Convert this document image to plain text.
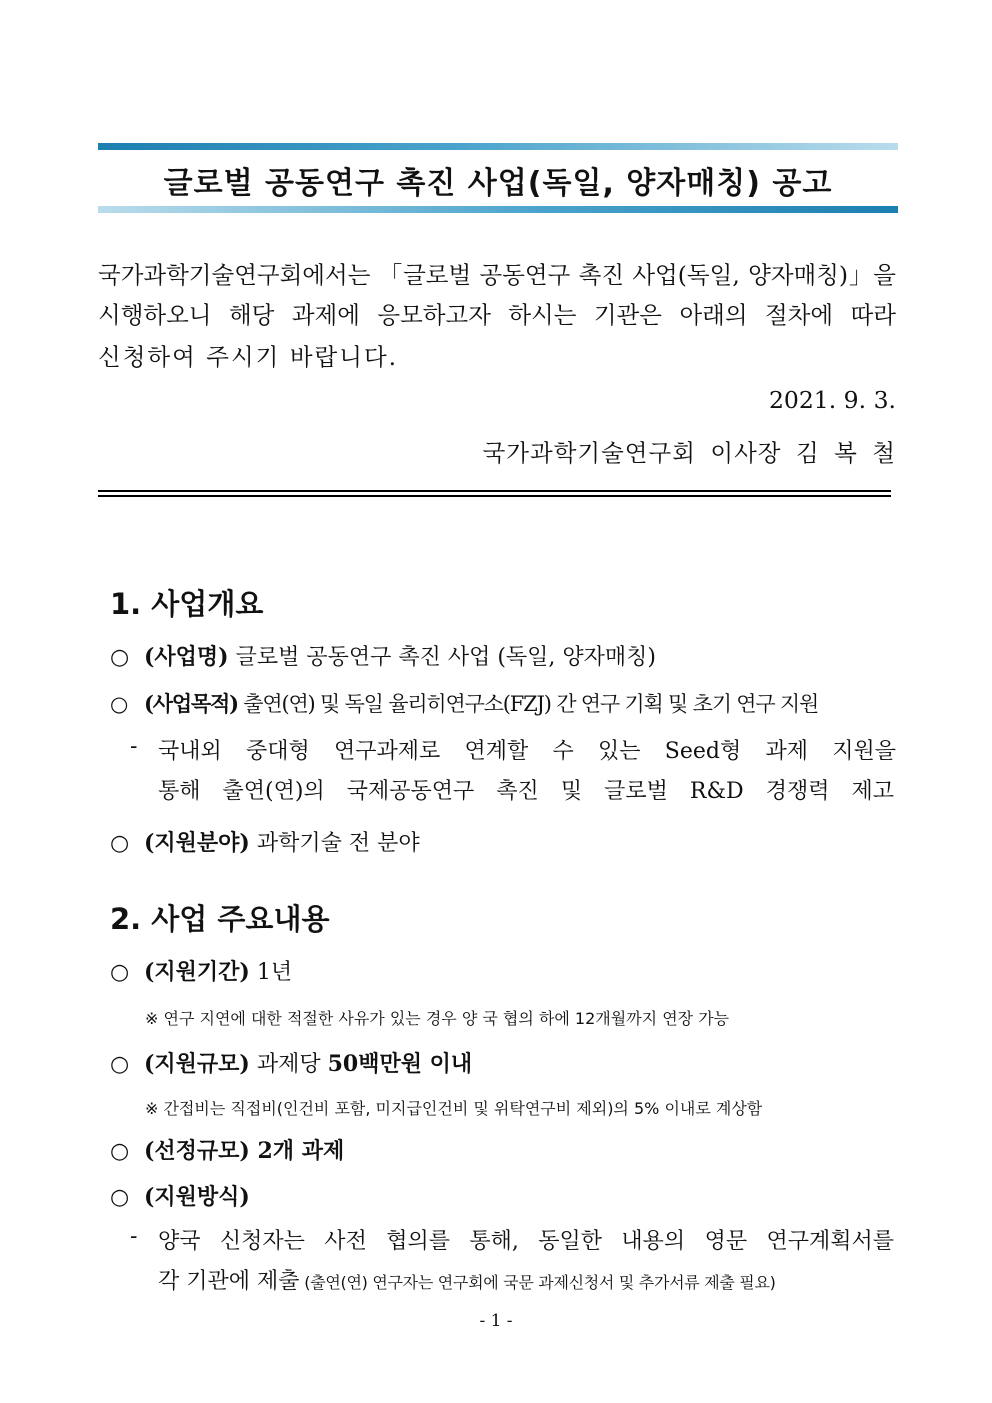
글로벌 공동연구 촉진 사업(독일, 양자매칭) 공고
국가과학기술연구회에서는 「글로벌 공동연구 촉진 사업(독일, 양자매칭)」을
시행하오니 해당 과제에 응모하고자 하시는 기관은 아래의 절차에 따라
신청하여 주시기 바랍니다.
2021. 9. 3.
국가과학기술연구회 이사장 김 복 철
1. 사업개요
○ (사업명) 글로벌 공동연구 촉진 사업 (독일, 양자매칭)
○ (사업목적) 출연(연) 및 독일 율리히연구소(FZJ) 간 연구 기획 및 초기 연구 지원
- 국내외 중대형 연구과제로 연계할 수 있는 Seed형 과제 지원을
통해 출연(연)의 국제공동연구 촉진 및 글로벌 R&D 경쟁력 제고
○ (지원분야) 과학기술 전 분야
2. 사업 주요내용
○ (지원기간) 1년
※ 연구 지연에 대한 적절한 사유가 있는 경우 양 국 협의 하에 12개월까지 연장 가능
○ (지원규모) 과제당 50백만원 이내
※ 간접비는 직접비(인건비 포함, 미지급인건비 및 위탁연구비 제외)의 5% 이내로 계상함
○ (선정규모) 2개 과제
○ (지원방식)
- 양국 신청자는 사전 협의를 통해, 동일한 내용의 영문 연구계획서를
각 기관에 제출 (출연(연) 연구자는 연구회에 국문 과제신청서 및 추가서류 제출 필요)
- 1 -
